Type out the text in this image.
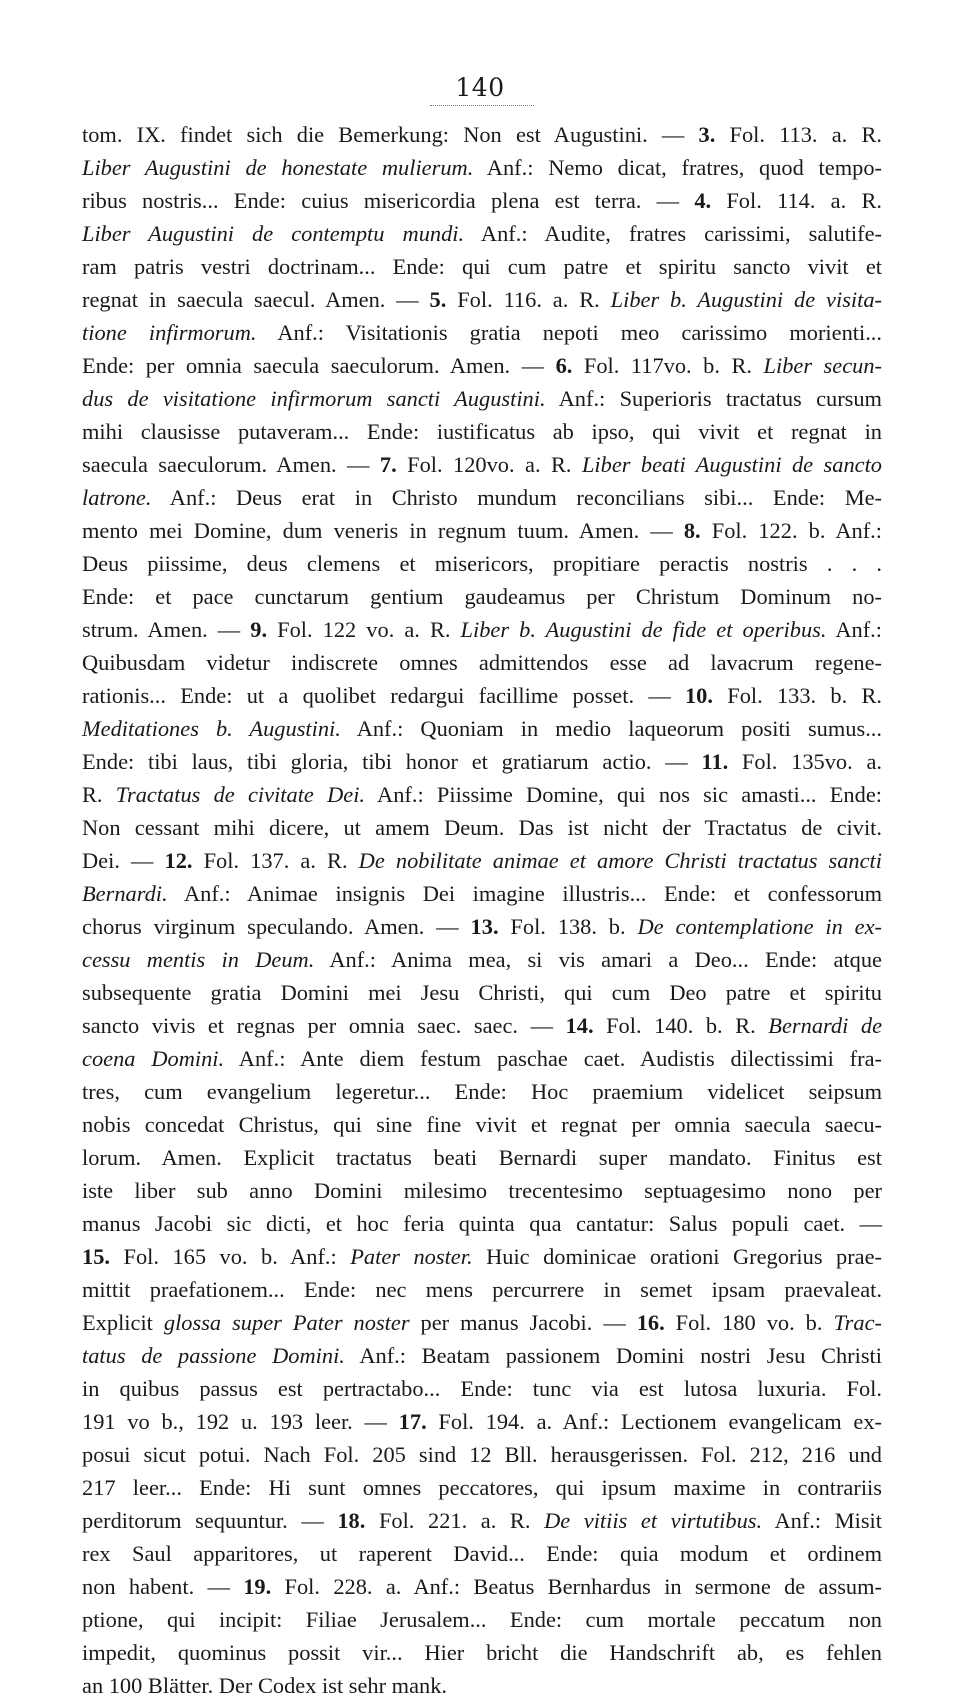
140
tom. IX. findet sich die Bemerkung: Non est Augustini. — 3. Fol. 113. a. R.
Liber Augustini de honestate mulierum. Anf.: Nemo dicat, fratres, quod tempo-
ribus nostris... Ende: cuius misericordia plena est terra. — 4. Fol. 114. a. R.
Liber Augustini de contemptu mundi. Anf.: Audite, fratres carissimi, salutife-
ram patris vestri doctrinam... Ende: qui cum patre et spiritu sancto vivit et
regnat in saecula saecul. Amen. — 5. Fol. 116. a. R. Liber b. Augustini de visita-
tione infirmorum. Anf.: Visitationis gratia nepoti meo carissimo morienti...
Ende: per omnia saecula saeculorum. Amen. — 6. Fol. 117vo. b. R. Liber secun-
dus de visitatione infirmorum sancti Augustini. Anf.: Superioris tractatus cursum
mihi clausisse putaveram... Ende: iustificatus ab ipso, qui vivit et regnat in
saecula saeculorum. Amen. — 7. Fol. 120vo. a. R. Liber beati Augustini de sancto
latrone. Anf.: Deus erat in Christo mundum reconcilians sibi... Ende: Me-
mento mei Domine, dum veneris in regnum tuum. Amen. — 8. Fol. 122. b. Anf.:
Deus piissime, deus clemens et misericors, propitiare peractis nostris . . .
Ende: et pace cunctarum gentium gaudeamus per Christum Dominum no-
strum. Amen. — 9. Fol. 122 vo. a. R. Liber b. Augustini de fide et operibus. Anf.:
Quibusdam videtur indiscrete omnes admittendos esse ad lavacrum regene-
rationis... Ende: ut a quolibet redargui facillime posset. — 10. Fol. 133. b. R.
Meditationes b. Augustini. Anf.: Quoniam in medio laqueorum positi sumus...
Ende: tibi laus, tibi gloria, tibi honor et gratiarum actio. — 11. Fol. 135vo. a.
R. Tractatus de civitate Dei. Anf.: Piissime Domine, qui nos sic amasti... Ende:
Non cessant mihi dicere, ut amem Deum. Das ist nicht der Tractatus de civit.
Dei. — 12. Fol. 137. a. R. De nobilitate animae et amore Christi tractatus sancti
Bernardi. Anf.: Animae insignis Dei imagine illustris... Ende: et confessorum
chorus virginum speculando. Amen. — 13. Fol. 138. b. De contemplatione in ex-
cessu mentis in Deum. Anf.: Anima mea, si vis amari a Deo... Ende: atque
subsequente gratia Domini mei Jesu Christi, qui cum Deo patre et spiritu
sancto vivis et regnas per omnia saec. saec. — 14. Fol. 140. b. R. Bernardi de
coena Domini. Anf.: Ante diem festum paschae caet. Audistis dilectissimi fra-
tres, cum evangelium legeretur... Ende: Hoc praemium videlicet seipsum
nobis concedat Christus, qui sine fine vivit et regnat per omnia saecula saecu-
lorum. Amen. Explicit tractatus beati Bernardi super mandato. Finitus est
iste liber sub anno Domini milesimo trecentesimo septuagesimo nono per
manus Jacobi sic dicti, et hoc feria quinta qua cantatur: Salus populi caet. —
15. Fol. 165 vo. b. Anf.: Pater noster. Huic dominicae orationi Gregorius prae-
mittit praefationem... Ende: nec mens percurrere in semet ipsam praevaleat.
Explicit glossa super Pater noster per manus Jacobi. — 16. Fol. 180 vo. b. Trac-
tatus de passione Domini. Anf.: Beatam passionem Domini nostri Jesu Christi
in quibus passus est pertractabo... Ende: tunc via est lutosa luxuria. Fol.
191 vo b., 192 u. 193 leer. — 17. Fol. 194. a. Anf.: Lectionem evangelicam ex-
posui sicut potui. Nach Fol. 205 sind 12 Bll. herausgerissen. Fol. 212, 216 und
217 leer... Ende: Hi sunt omnes peccatores, qui ipsum maxime in contrariis
perditorum sequuntur. — 18. Fol. 221. a. R. De vitiis et virtutibus. Anf.: Misit
rex Saul apparitores, ut raperent David... Ende: quia modum et ordinem
non habent. — 19. Fol. 228. a. Anf.: Beatus Bernhardus in sermone de assum-
ptione, qui incipit: Filiae Jerusalem... Ende: cum mortale peccatum non
impedit, quominus possit vir... Hier bricht die Handschrift ab, es fehlen
an 100 Blätter. Der Codex ist sehr mank.
